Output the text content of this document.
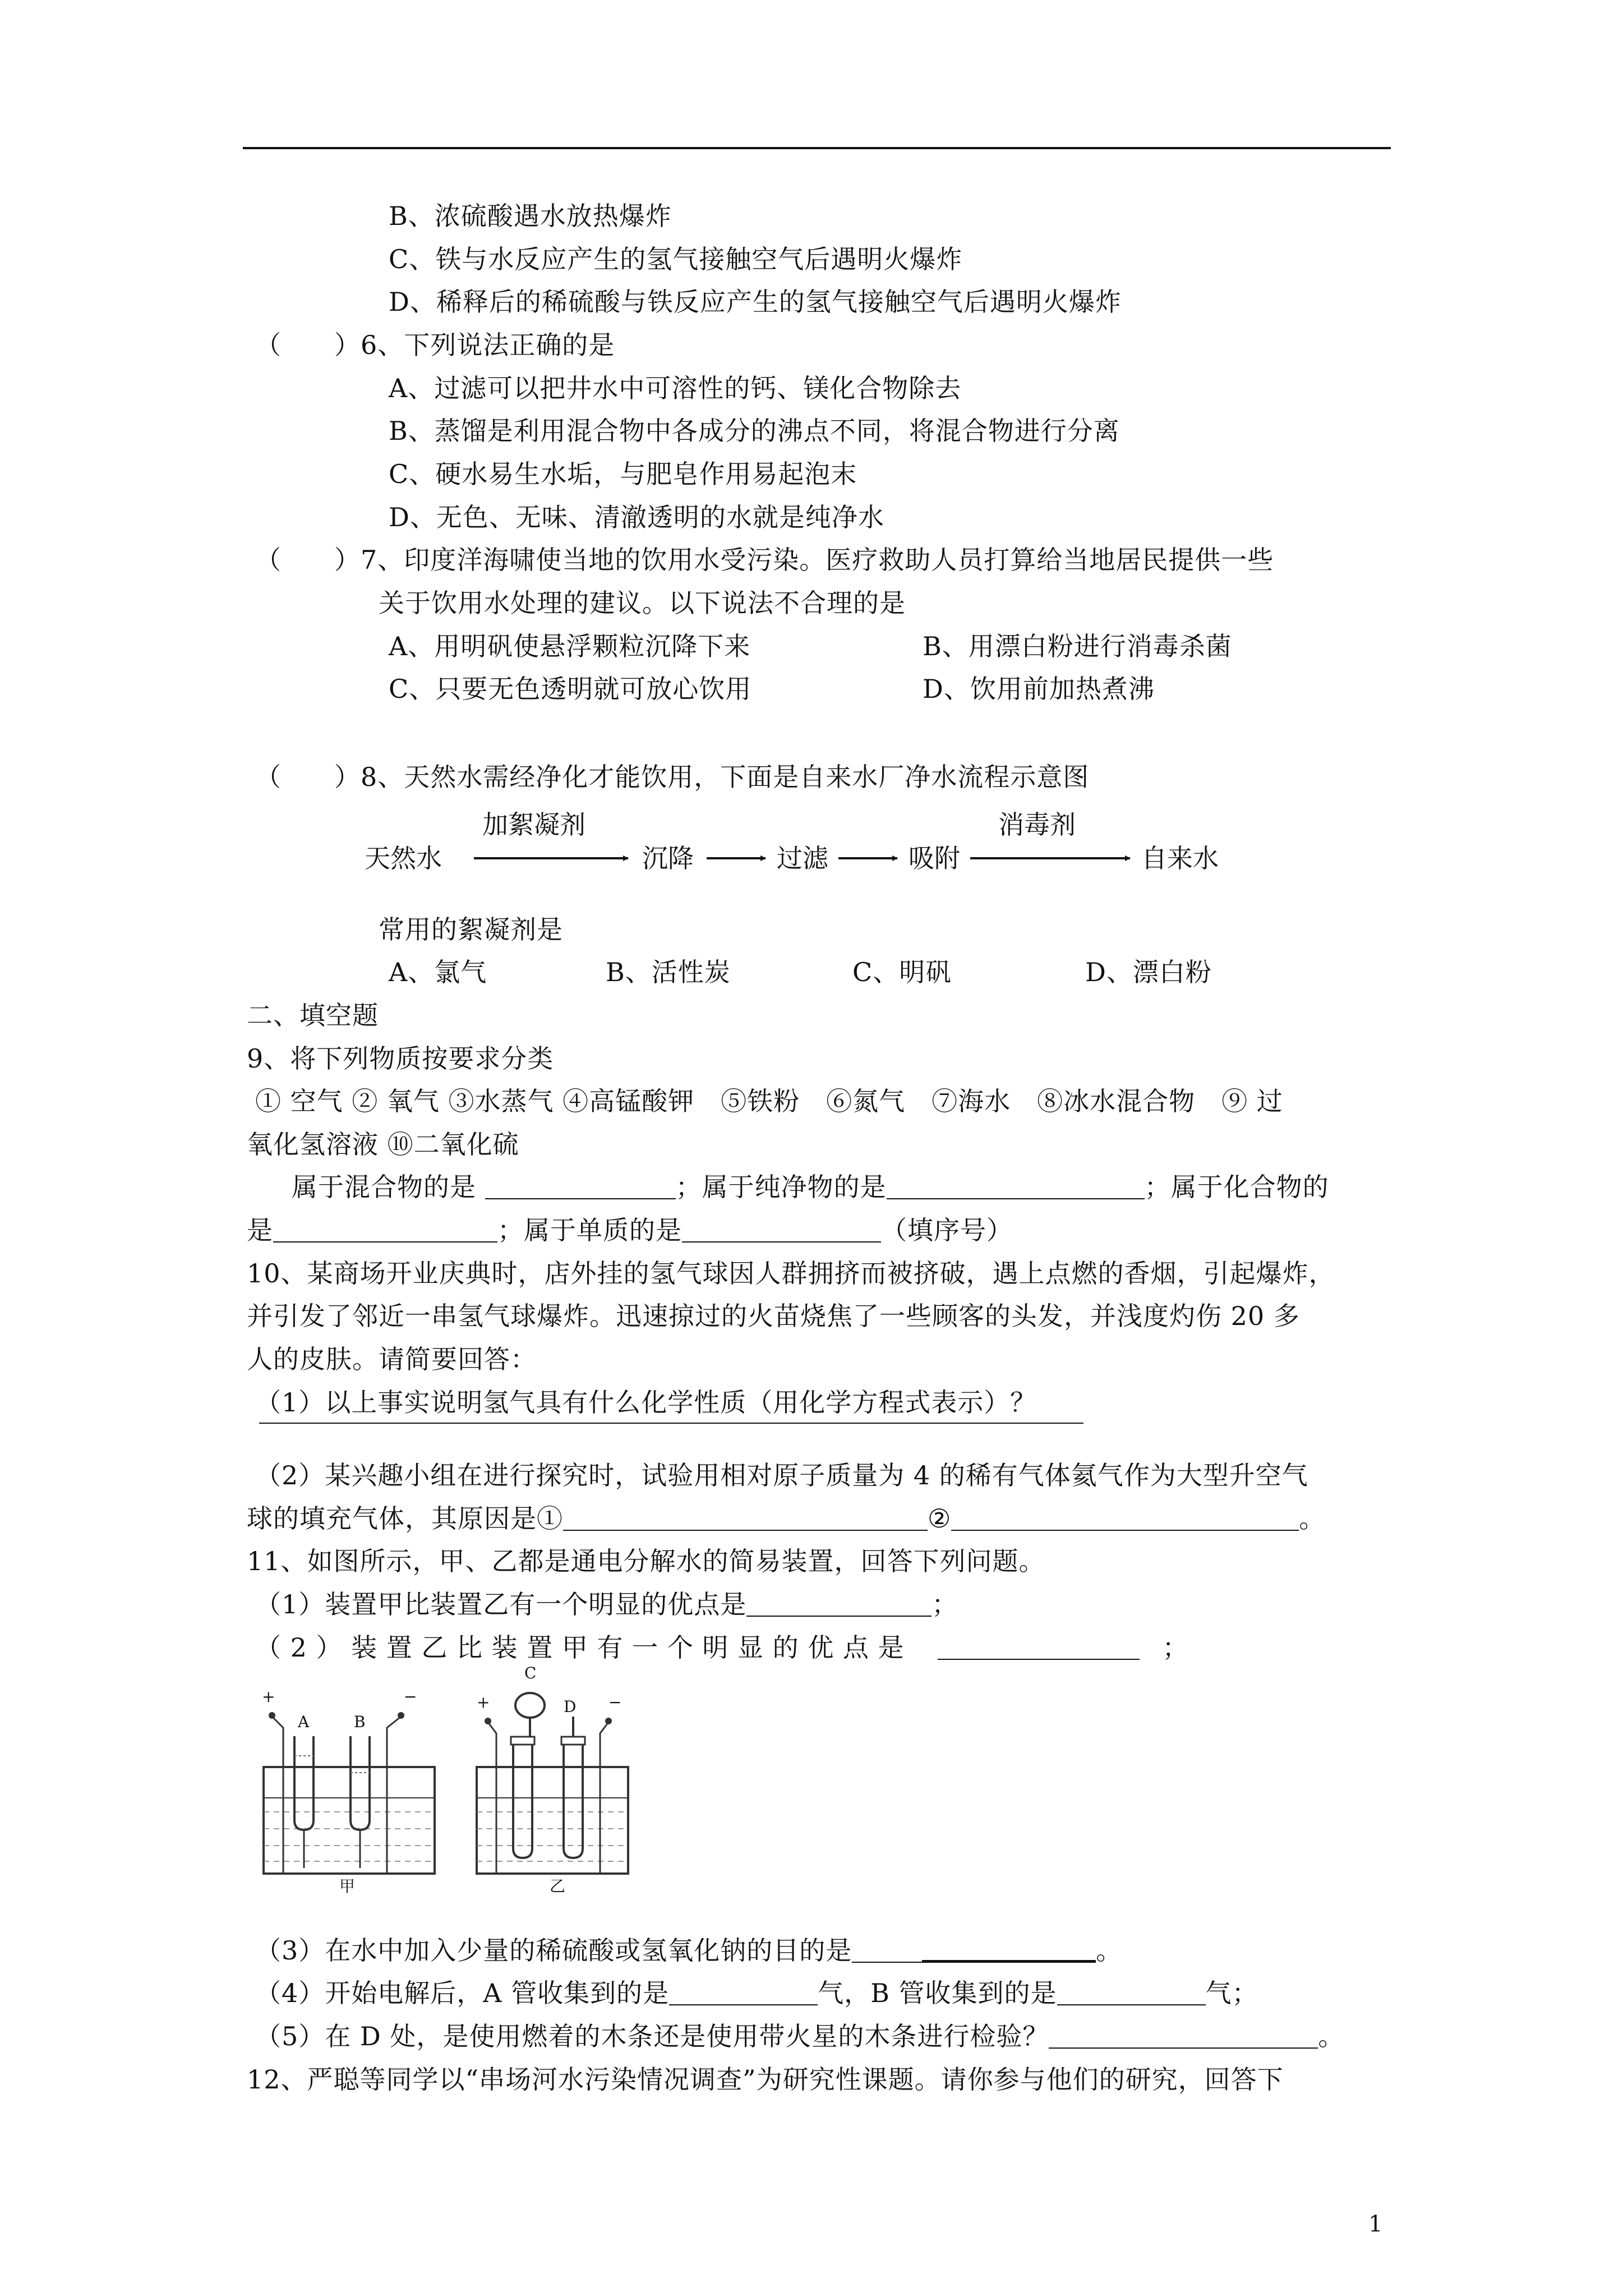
B、浓硫酸遇水放热爆炸
C、铁与水反应产生的氢气接触空气后遇明火爆炸
D、稀释后的稀硫酸与铁反应产生的氢气接触空气后遇明火爆炸
（　　）6、下列说法正确的是
A、过滤可以把井水中可溶性的钙、镁化合物除去
B、蒸馏是利用混合物中各成分的沸点不同，将混合物进行分离
C、硬水易生水垢，与肥皂作用易起泡末
D、无色、无味、清澈透明的水就是纯净水
（　　）7、印度洋海啸使当地的饮用水受污染。医疗救助人员打算给当地居民提供一些
关于饮用水处理的建议。以下说法不合理的是
A、用明矾使悬浮颗粒沉降下来	B、用漂白粉进行消毒杀菌
C、只要无色透明就可放心饮用	D、饮用前加热煮沸
（　　）8、天然水需经净化才能饮用，下面是自来水厂净水流程示意图
天然水
加絮凝剂
沉降	过滤	吸附
消毒剂
自来水
常用的絮凝剂是
A、氯气	B、活性炭	C、明矾	D、漂白粉
二、填空题
9、将下列物质按要求分类
① 空气 ② 氧气 ③水蒸气 ④高锰酸钾　⑤铁粉　⑥氮气　⑦海水　⑧冰水混合物　⑨ 过
氧化氢溶液 ⑩二氧化硫
属于混合物的是	；属于纯净物的是	；属于化合物的
是	；属于单质的是	（填序号）
10、某商场开业庆典时，店外挂的氢气球因人群拥挤而被挤破，遇上点燃的香烟，引起爆炸，
并引发了邻近一串氢气球爆炸。迅速掠过的火苗烧焦了一些顾客的头发，并浅度灼伤 20 多
人的皮肤。请简要回答：
（1）以上事实说明氢气具有什么化学性质（用化学方程式表示）？
（2）某兴趣小组在进行探究时，试验用相对原子质量为 4 的稀有气体氦气作为大型升空气
球的填充气体，其原因是①	②	。
11、如图所示，甲、乙都是通电分解水的简易装置，回答下列问题。
（1）装置甲比装置乙有一个明显的优点是	；
（ 2 ） 装 置 乙 比 装 置 甲 有 一 个 明 显 的 优 点 是	；
+	−
A	B
甲
C
D
+	−
乙
（3）在水中加入少量的稀硫酸或氢氧化钠的目的是	。
（4）开始电解后，A 管收集到的是	气，B 管收集到的是	气；
（5）在 D 处，是使用燃着的木条还是使用带火星的木条进行检验？	。
12、严聪等同学以“串场河水污染情况调查”为研究性课题。请你参与他们的研究，回答下
1
